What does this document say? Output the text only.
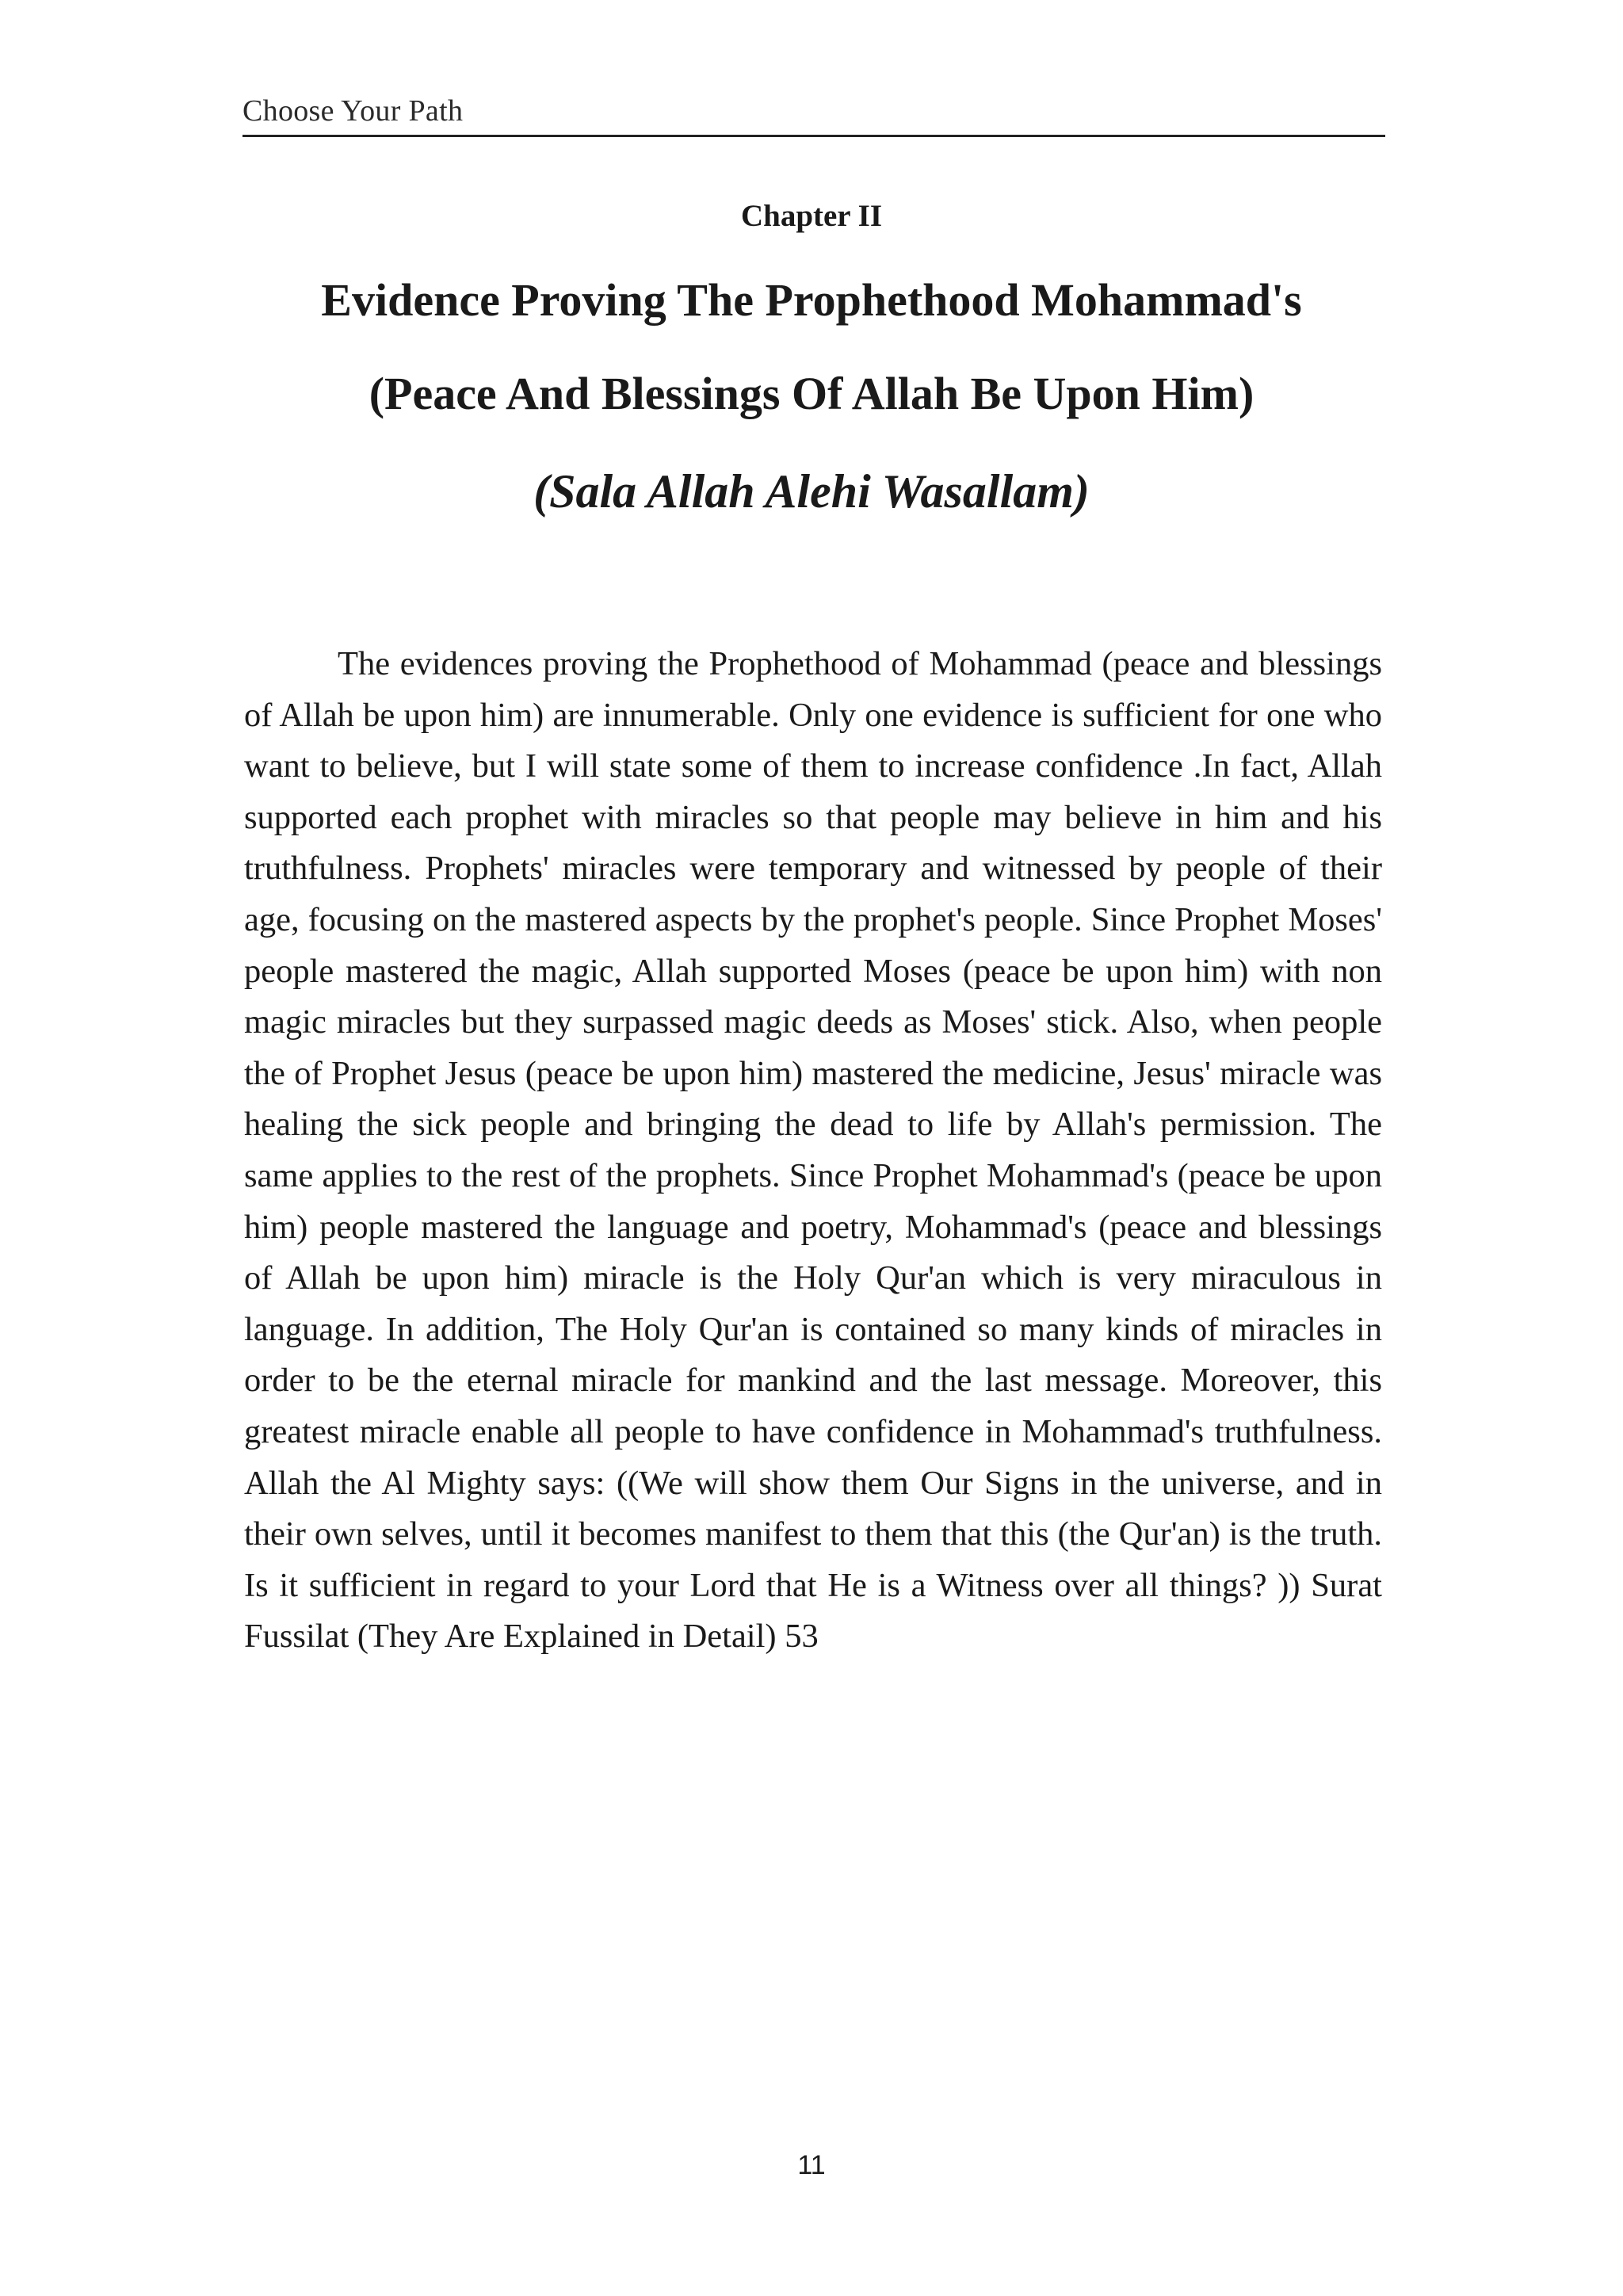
Choose Your Path
Chapter II
Evidence Proving The Prophethood Mohammad's
(Peace And Blessings Of Allah Be Upon Him)
(Sala Allah Alehi Wasallam)

The evidences proving the Prophethood of Mohammad (peace and blessings of Allah be upon him) are innumerable. Only one evidence is sufficient for one who want to believe, but I will state some of them to increase confidence .In fact, Allah supported each prophet with miracles so that people may believe in him and his truthfulness. Prophets' miracles were temporary and witnessed by people of their age, focusing on the mastered aspects by the prophet's people. Since Prophet Moses' people mastered the magic, Allah supported Moses (peace be upon him) with non magic miracles but they surpassed magic deeds as Moses' stick. Also, when people the of Prophet Jesus (peace be upon him) mastered the medicine, Jesus' miracle was healing the sick people and bringing the dead to life by Allah's permission. The same applies to the rest of the prophets. Since Prophet Mohammad's (peace be upon him) people mastered the language and poetry, Mohammad's (peace and blessings of Allah be upon him) miracle is the Holy Qur'an which is very miraculous in language. In addition, The Holy Qur'an is contained so many kinds of miracles in order to be the eternal miracle for mankind and the last message. Moreover, this greatest miracle enable all people to have confidence in Mohammad's truthfulness. Allah the Al Mighty says: ((We will show them Our Signs in the universe, and in their own selves, until it becomes manifest to them that this (the Qur'an) is the truth. Is it sufficient in regard to your Lord that He is a Witness over all things? )) Surat Fussilat (They Are Explained in Detail) 53

11
